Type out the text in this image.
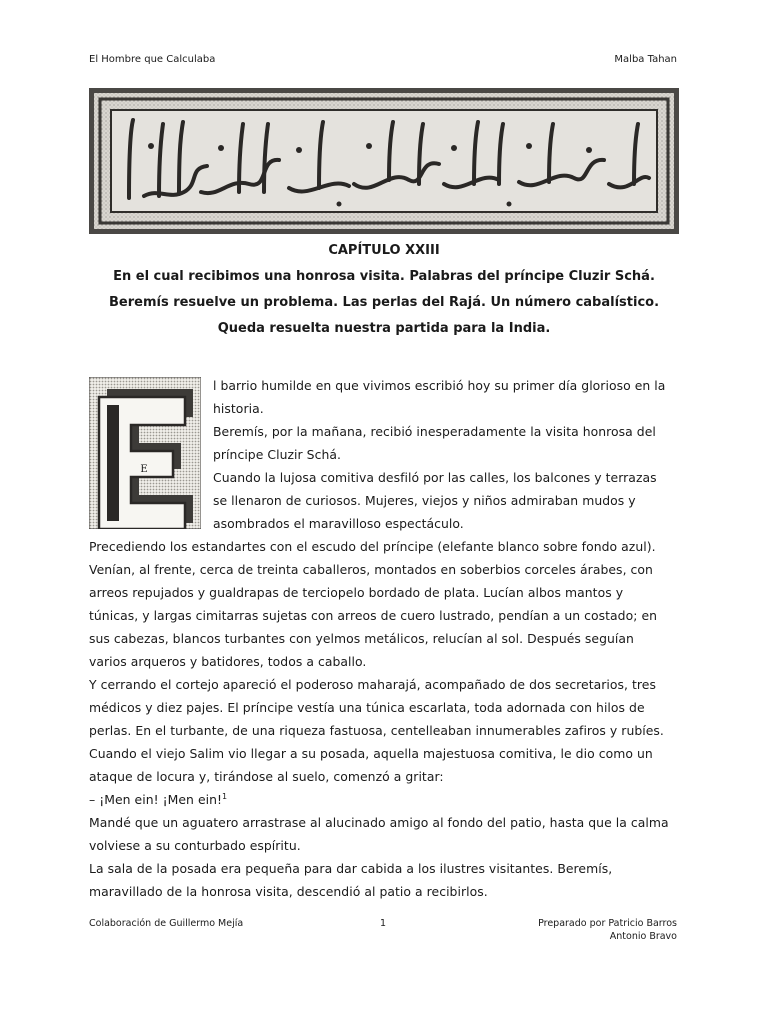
El Hombre que Calculaba	Malba Tahan
CAPÍTULO XXIII
En el cual recibimos una honrosa visita. Palabras del príncipe Cluzir Schá.
Beremís resuelve un problema. Las perlas del Rajá. Un número cabalístico.
Queda resuelta nuestra partida para la India.
E

l barrio humilde en que vivimos escribió hoy su primer día glorioso en la

historia.

Beremís, por la mañana, recibió inesperadamente la visita honrosa del

príncipe Cluzir Schá.

Cuando la lujosa comitiva desfiló por las calles, los balcones y terrazas

se llenaron de curiosos. Mujeres, viejos y niños admiraban mudos y

asombrados el maravilloso espectáculo.

Precediendo los estandartes con el escudo del príncipe (elefante blanco sobre fondo azul).

Venían, al frente, cerca de treinta caballeros, montados en soberbios corceles árabes, con

arreos repujados y gualdrapas de terciopelo bordado de plata. Lucían albos mantos y

túnicas, y largas cimitarras sujetas con arreos de cuero lustrado, pendían a un costado; en

sus cabezas, blancos turbantes con yelmos metálicos, relucían al sol. Después seguían

varios arqueros y batidores, todos a caballo.

Y cerrando el cortejo apareció el poderoso maharajá, acompañado de dos secretarios, tres

médicos y diez pajes. El príncipe vestía una túnica escarlata, toda adornada con hilos de

perlas. En el turbante, de una riqueza fastuosa, centelleaban innumerables zafiros y rubíes.

Cuando el viejo Salim vio llegar a su posada, aquella majestuosa comitiva, le dio como un

ataque de locura y, tirándose al suelo, comenzó a gritar:

– ¡Men ein! ¡Men ein!$^1$

Mandé que un aguatero arrastrase al alucinado amigo al fondo del patio, hasta que la calma

volviese a su conturbado espíritu.

La sala de la posada era pequeña para dar cabida a los ilustres visitantes. Beremís,

maravillado de la honrosa visita, descendió al patio a recibirlos.

Colaboración de Guillermo Mejía	1	Preparado por Patricio Barros
Antonio Bravo
